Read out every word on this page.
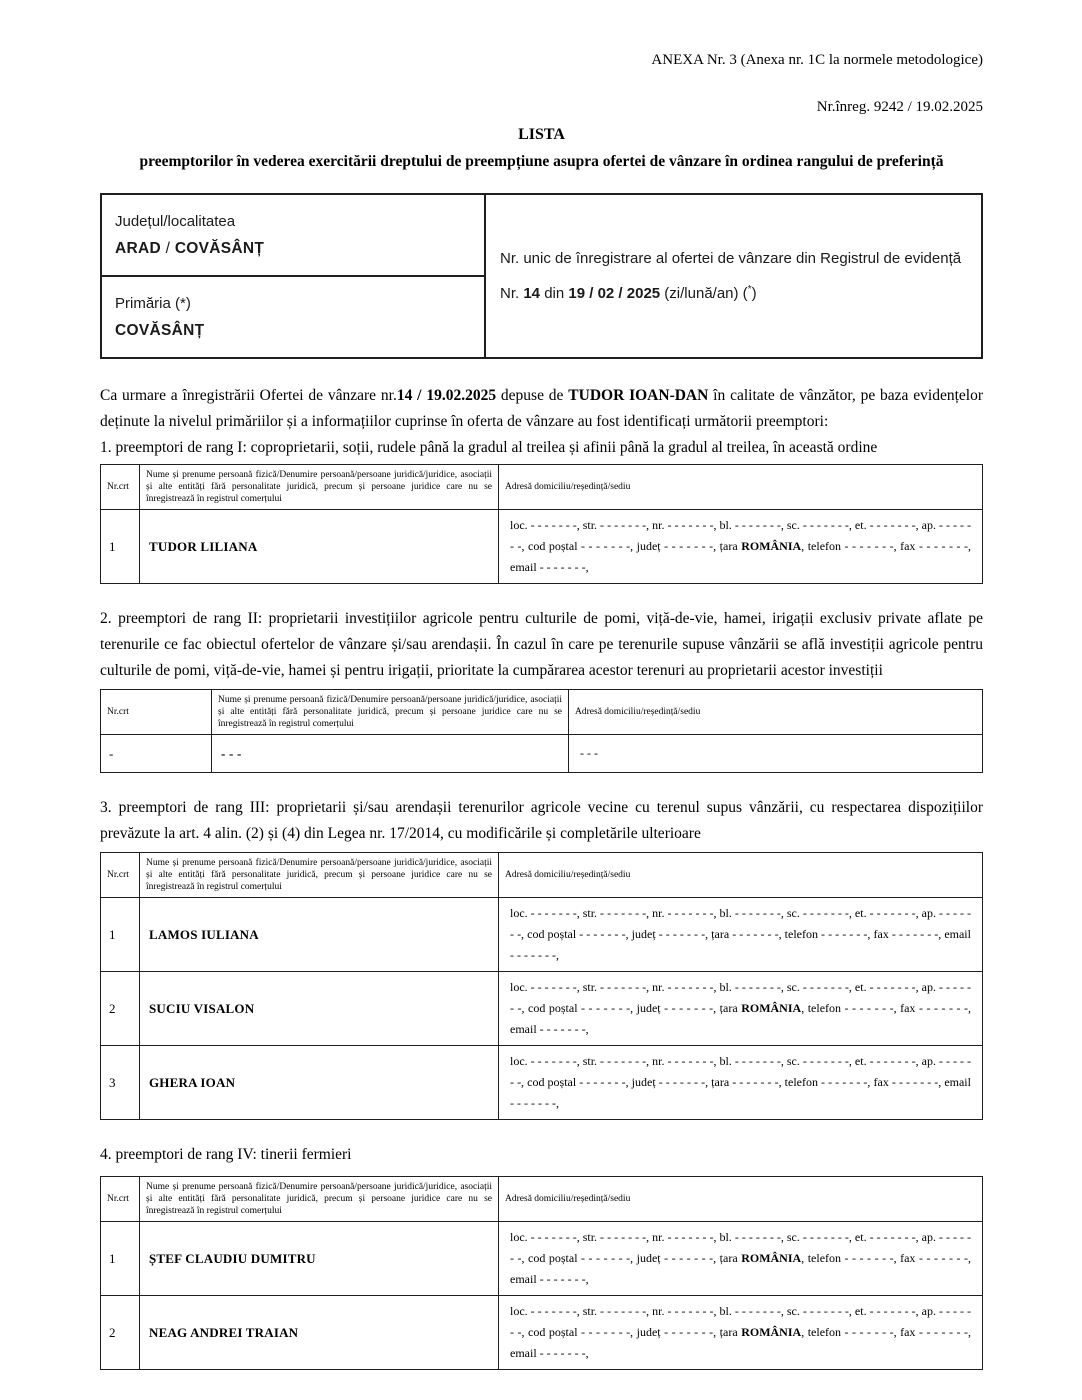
ANEXA Nr. 3 (Anexa nr. 1C la normele metodologice)
Nr.înreg. 9242 / 19.02.2025
LISTA
preemptorilor în vederea exercitării dreptului de preempțiune asupra ofertei de vânzare în ordinea rangului de preferință
Județul/localitatea
ARAD / COVĂSÂNȚ

Nr. unic de înregistrare al ofertei de vânzare din Registrul de evidență
Nr. 14 din 19 / 02 / 2025 (zi/lună/an) (*)

Primăria (*)
COVĂSÂNȚ

Ca urmare a înregistrării Ofertei de vânzare nr.14 / 19.02.2025 depuse de TUDOR IOAN-DAN în calitate de vânzător, pe baza evidențelor deținute la nivelul primăriilor și a informațiilor cuprinse în oferta de vânzare au fost identificați următorii preemptori:

1. preemptori de rang I: coproprietarii, soții, rudele până la gradul al treilea și afinii până la gradul al treilea, în această ordine

Nr.crt	Nume și prenume persoană fizică/Denumire persoană/persoane juridică/juridice, asociații și alte entități fără personalitate juridică, precum și persoane juridice care nu se înregistrează în registrul comerțului	Adresă domiciliu/reședință/sediu
1	TUDOR LILIANA	loc. - - - - - - -, str. - - - - - - -, nr. - - - - - - -, bl. - - - - - - -, sc. - - - - - - -, et. - - - - - - -, ap. - - - - - - -, cod poștal - - - - - - -, județ - - - - - - -, țara ROMÂNIA, telefon - - - - - - -, fax - - - - - - -, email - - - - - - -,

2. preemptori de rang II: proprietarii investițiilor agricole pentru culturile de pomi, viță-de-vie, hamei, irigații exclusiv private aflate pe terenurile ce fac obiectul ofertelor de vânzare și/sau arendașii. În cazul în care pe terenurile supuse vânzării se află investiții agricole pentru culturile de pomi, viță-de-vie, hamei și pentru irigații, prioritate la cumpărarea acestor terenuri au proprietarii acestor investiții

Nr.crt	Nume și prenume persoană fizică/Denumire persoană/persoane juridică/juridice, asociații și alte entități fără personalitate juridică, precum și persoane juridice care nu se înregistrează în registrul comerțului	Adresă domiciliu/reședință/sediu
-	- - -	- - -

3. preemptori de rang III: proprietarii și/sau arendașii terenurilor agricole vecine cu terenul supus vânzării, cu respectarea dispozițiilor prevăzute la art. 4 alin. (2) și (4) din Legea nr. 17/2014, cu modificările și completările ulterioare

Nr.crt	Nume și prenume persoană fizică/Denumire persoană/persoane juridică/juridice, asociații și alte entități fără personalitate juridică, precum și persoane juridice care nu se înregistrează în registrul comerțului	Adresă domiciliu/reședință/sediu
1	LAMOS IULIANA	loc. - - - - - - -, str. - - - - - - -, nr. - - - - - - -, bl. - - - - - - -, sc. - - - - - - -, et. - - - - - - -, ap. - - - - - - -, cod poștal - - - - - - -, județ - - - - - - -, țara - - - - - - -, telefon - - - - - - -, fax - - - - - - -, email - - - - - - -,
2	SUCIU VISALON	loc. - - - - - - -, str. - - - - - - -, nr. - - - - - - -, bl. - - - - - - -, sc. - - - - - - -, et. - - - - - - -, ap. - - - - - - -, cod poștal - - - - - - -, județ - - - - - - -, țara ROMÂNIA, telefon - - - - - - -, fax - - - - - - -, email - - - - - - -,
3	GHERA IOAN	loc. - - - - - - -, str. - - - - - - -, nr. - - - - - - -, bl. - - - - - - -, sc. - - - - - - -, et. - - - - - - -, ap. - - - - - - -, cod poștal - - - - - - -, județ - - - - - - -, țara - - - - - - -, telefon - - - - - - -, fax - - - - - - -, email - - - - - - -,

4. preemptori de rang IV: tinerii fermieri

Nr.crt	Nume și prenume persoană fizică/Denumire persoană/persoane juridică/juridice, asociații și alte entități fără personalitate juridică, precum și persoane juridice care nu se înregistrează în registrul comerțului	Adresă domiciliu/reședință/sediu
1	ȘTEF CLAUDIU DUMITRU	loc. - - - - - - -, str. - - - - - - -, nr. - - - - - - -, bl. - - - - - - -, sc. - - - - - - -, et. - - - - - - -, ap. - - - - - - -, cod poștal - - - - - - -, județ - - - - - - -, țara ROMÂNIA, telefon - - - - - - -, fax - - - - - - -, email - - - - - - -,
2	NEAG ANDREI TRAIAN	loc. - - - - - - -, str. - - - - - - -, nr. - - - - - - -, bl. - - - - - - -, sc. - - - - - - -, et. - - - - - - -, ap. - - - - - - -, cod poștal - - - - - - -, județ - - - - - - -, țara ROMÂNIA, telefon - - - - - - -, fax - - - - - - -, email - - - - - - -,
